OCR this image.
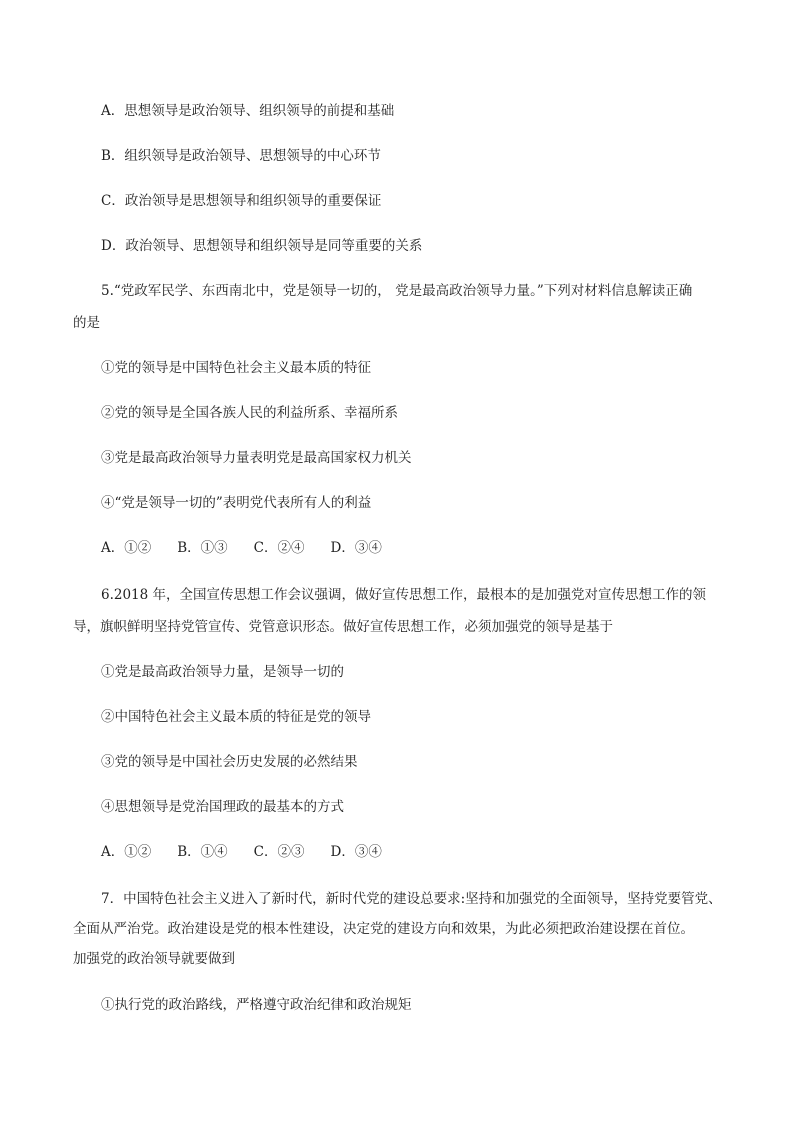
A．思想领导是政治领导、组织领导的前提和基础

B．组织领导是政治领导、思想领导的中心环节

C．政治领导是思想领导和组织领导的重要保证

D．政治领导、思想领导和组织领导是同等重要的关系

5.“党政军民学、东西南北中，党是领导一切的， 党是最高政治领导力量。”下列对材料信息解读正确

的是

①党的领导是中国特色社会主义最本质的特征

②党的领导是全国各族人民的利益所系、幸福所系

③党是最高政治领导力量表明党是最高国家权力机关

④“党是领导一切的”表明党代表所有人的利益

A．①② B．①③ C．②④ D．③④

6.2018 年，全国宣传思想工作会议强调，做好宣传思想工作，最根本的是加强党对宣传思想工作的领

导，旗帜鲜明坚持党管宣传、党管意识形态。做好宣传思想工作，必须加强党的领导是基于

①党是最高政治领导力量，是领导一切的

②中国特色社会主义最本质的特征是党的领导

③党的领导是中国社会历史发展的必然结果

④思想领导是党治国理政的最基本的方式

A．①② B．①④ C．②③ D．③④

7．中国特色社会主义进入了新时代，新时代党的建设总要求:坚持和加强党的全面领导，坚持党要管党、

全面从严治党。政治建设是党的根本性建设，决定党的建设方向和效果，为此必须把政治建设摆在首位。

加强党的政治领导就要做到

①执行党的政治路线，严格遵守政治纪律和政治规矩
